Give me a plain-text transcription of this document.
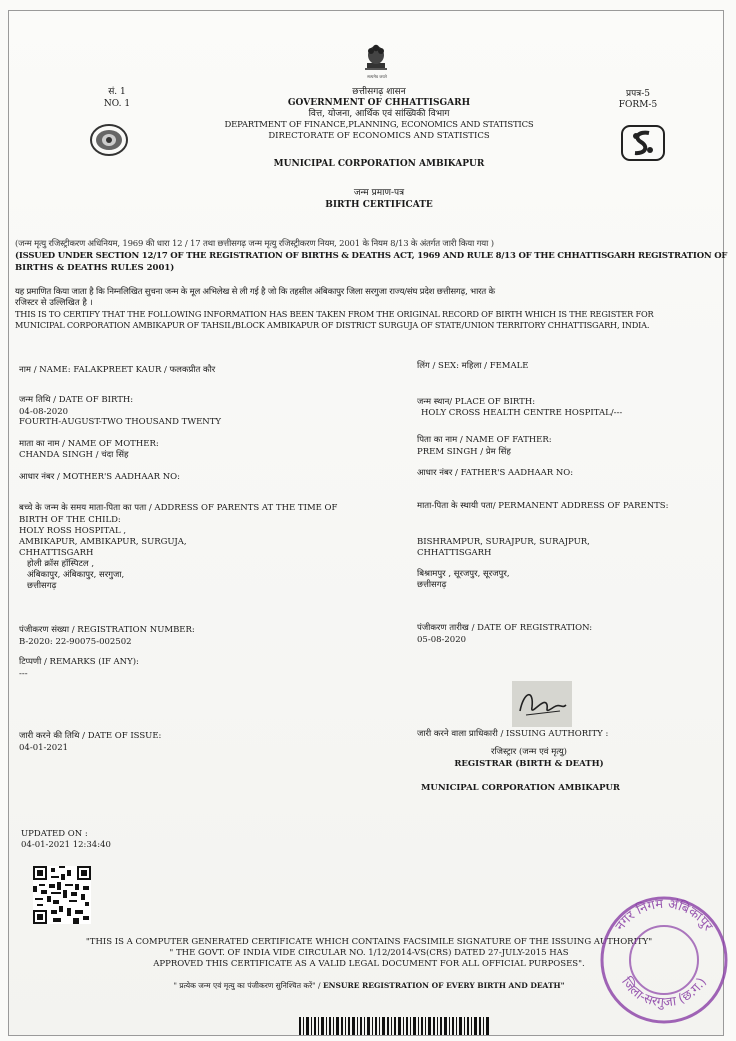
सत्यमेव जयते
सं. 1
NO. 1
छत्तीसगढ़ शासन
GOVERNMENT OF CHHATTISGARH
वित्त, योजना, आर्थिक एवं सांख्यिकी विभाग
DEPARTMENT OF FINANCE,PLANNING, ECONOMICS AND STATISTICS
DIRECTORATE OF ECONOMICS AND STATISTICS
प्रपत्र-5
FORM-5
MUNICIPAL CORPORATION AMBIKAPUR
जन्म प्रमाण-पत्र
BIRTH CERTIFICATE
(जन्म मृत्यु रजिस्ट्रीकरण अधिनियम, 1969 की धारा 12 / 17 तथा छत्तीसगढ़ जन्म मृत्यु रजिस्ट्रीकरण नियम, 2001 के नियम 8/13 के अंतर्गत जारी किया गया )
(ISSUED UNDER SECTION 12/17 OF THE REGISTRATION OF BIRTHS & DEATHS ACT, 1969 AND RULE 8/13 OF THE CHHATTISGARH REGISTRATION OF
BIRTHS & DEATHS RULES 2001)
यह प्रमाणित किया जाता है कि निम्नलिखित सुचना जन्म के मूल अभिलेख से ली गई है जो कि तहसील अंबिकापुर जिला सरगुजा राज्य/संघ प्रदेश छत्तीसगढ़, भारत के
रजिस्टर से उल्लिखित है ।
THIS IS TO CERTIFY THAT THE FOLLOWING INFORMATION HAS BEEN TAKEN FROM THE ORIGINAL RECORD OF BIRTH WHICH IS THE REGISTER FOR
MUNICIPAL CORPORATION AMBIKAPUR OF TAHSIL/BLOCK AMBIKAPUR OF DISTRICT SURGUJA OF STATE/UNION TERRITORY CHHATTISGARH, INDIA.
नाम / NAME: FALAKPREET KAUR / फलकप्रीत कौर
जन्म तिथि / DATE OF BIRTH:
04-08-2020
FOURTH-AUGUST-TWO THOUSAND TWENTY
माता का नाम / NAME OF MOTHER:
CHANDA SINGH / चंदा सिंह
आधार नंबर / MOTHER'S AADHAAR NO:
बच्चे के जन्म के समय माता-पिता का पता / ADDRESS OF PARENTS AT THE TIME OF
BIRTH OF THE CHILD:
HOLY ROSS HOSPITAL ,
AMBIKAPUR, AMBIKAPUR, SURGUJA,
CHHATTISGARH
होली क्रॉस हॉस्पिटल ,
अंबिकापुर, अंबिकापुर, सरगुजा,
छत्तीसगढ़
पंजीकरण संख्या / REGISTRATION NUMBER:
B-2020: 22-90075-002502
टिप्पणी / REMARKS (IF ANY):
---
जारी करने की तिथि / DATE OF ISSUE:
04-01-2021
लिंग / SEX: महिला / FEMALE
जन्म स्थान/ PLACE OF BIRTH:
HOLY CROSS HEALTH CENTRE HOSPITAL/---
पिता का नाम / NAME OF FATHER:
PREM SINGH / प्रेम सिंह
आधार नंबर / FATHER'S AADHAAR NO:
माता-पिता के स्थायी पता/ PERMANENT ADDRESS OF PARENTS:
BISHRAMPUR, SURAJPUR, SURAJPUR,
CHHATTISGARH
बिश्रामपुर , सूरजपुर, सूरजपुर,
छत्तीसगढ़
पंजीकरण तारीख / DATE OF REGISTRATION:
05-08-2020
जारी करने वाला प्राधिकारी / ISSUING AUTHORITY :
रजिस्ट्रार (जन्म एवं मृत्यु)
REGISTRAR (BIRTH & DEATH)
MUNICIPAL CORPORATION AMBIKAPUR
UPDATED ON :
04-01-2021 12:34:40
"THIS IS A COMPUTER GENERATED CERTIFICATE WHICH CONTAINS FACSIMILE SIGNATURE OF THE ISSUING AUTHORITY"
" THE GOVT. OF INDIA VIDE CIRCULAR NO. 1/12/2014-VS(CRS) DATED 27-JULY-2015 HAS
APPROVED THIS CERTIFICATE AS A VALID LEGAL DOCUMENT FOR ALL OFFICIAL PURPOSES".
" प्रत्येक जन्म एवं मृत्यु का पंजीकरण सुनिश्चित करें" / ENSURE REGISTRATION OF EVERY BIRTH AND DEATH"
नगर निगम अंबिकापुर
जिला-सरगुजा (छ.ग.)
